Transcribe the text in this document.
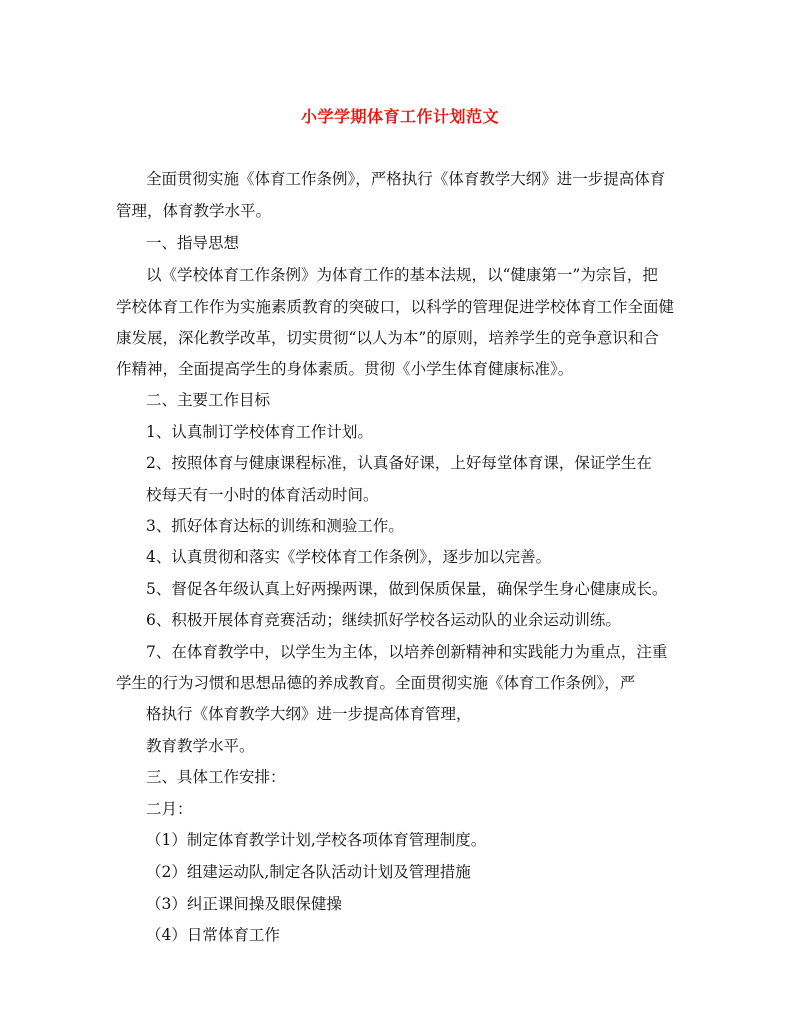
小学学期体育工作计划范文
全面贯彻实施《体育工作条例》，严格执行《体育教学大纲》进一步提高体育
管理，体育教学水平。
一、指导思想
以《学校体育工作条例》为体育工作的基本法规，以“健康第一”为宗旨，把
学校体育工作作为实施素质教育的突破口，以科学的管理促进学校体育工作全面健
康发展，深化教学改革，切实贯彻“以人为本”的原则，培养学生的竞争意识和合
作精神，全面提高学生的身体素质。贯彻《小学生体育健康标准》。
二、主要工作目标
1、认真制订学校体育工作计划。
2、按照体育与健康课程标准，认真备好课，上好每堂体育课，保证学生在
校每天有一小时的体育活动时间。
3、抓好体育达标的训练和测验工作。
4、认真贯彻和落实《学校体育工作条例》，逐步加以完善。
5、督促各年级认真上好两操两课，做到保质保量，确保学生身心健康成长。
6、积极开展体育竞赛活动；继续抓好学校各运动队的业余运动训练。
7、在体育教学中，以学生为主体，以培养创新精神和实践能力为重点，注重
学生的行为习惯和思想品德的养成教育。全面贯彻实施《体育工作条例》，严
格执行《体育教学大纲》进一步提高体育管理，
教育教学水平。
三、具体工作安排：
二月：
（1）制定体育教学计划,学校各项体育管理制度。
（2）组建运动队,制定各队活动计划及管理措施
（3）纠正课间操及眼保健操
（4）日常体育工作
